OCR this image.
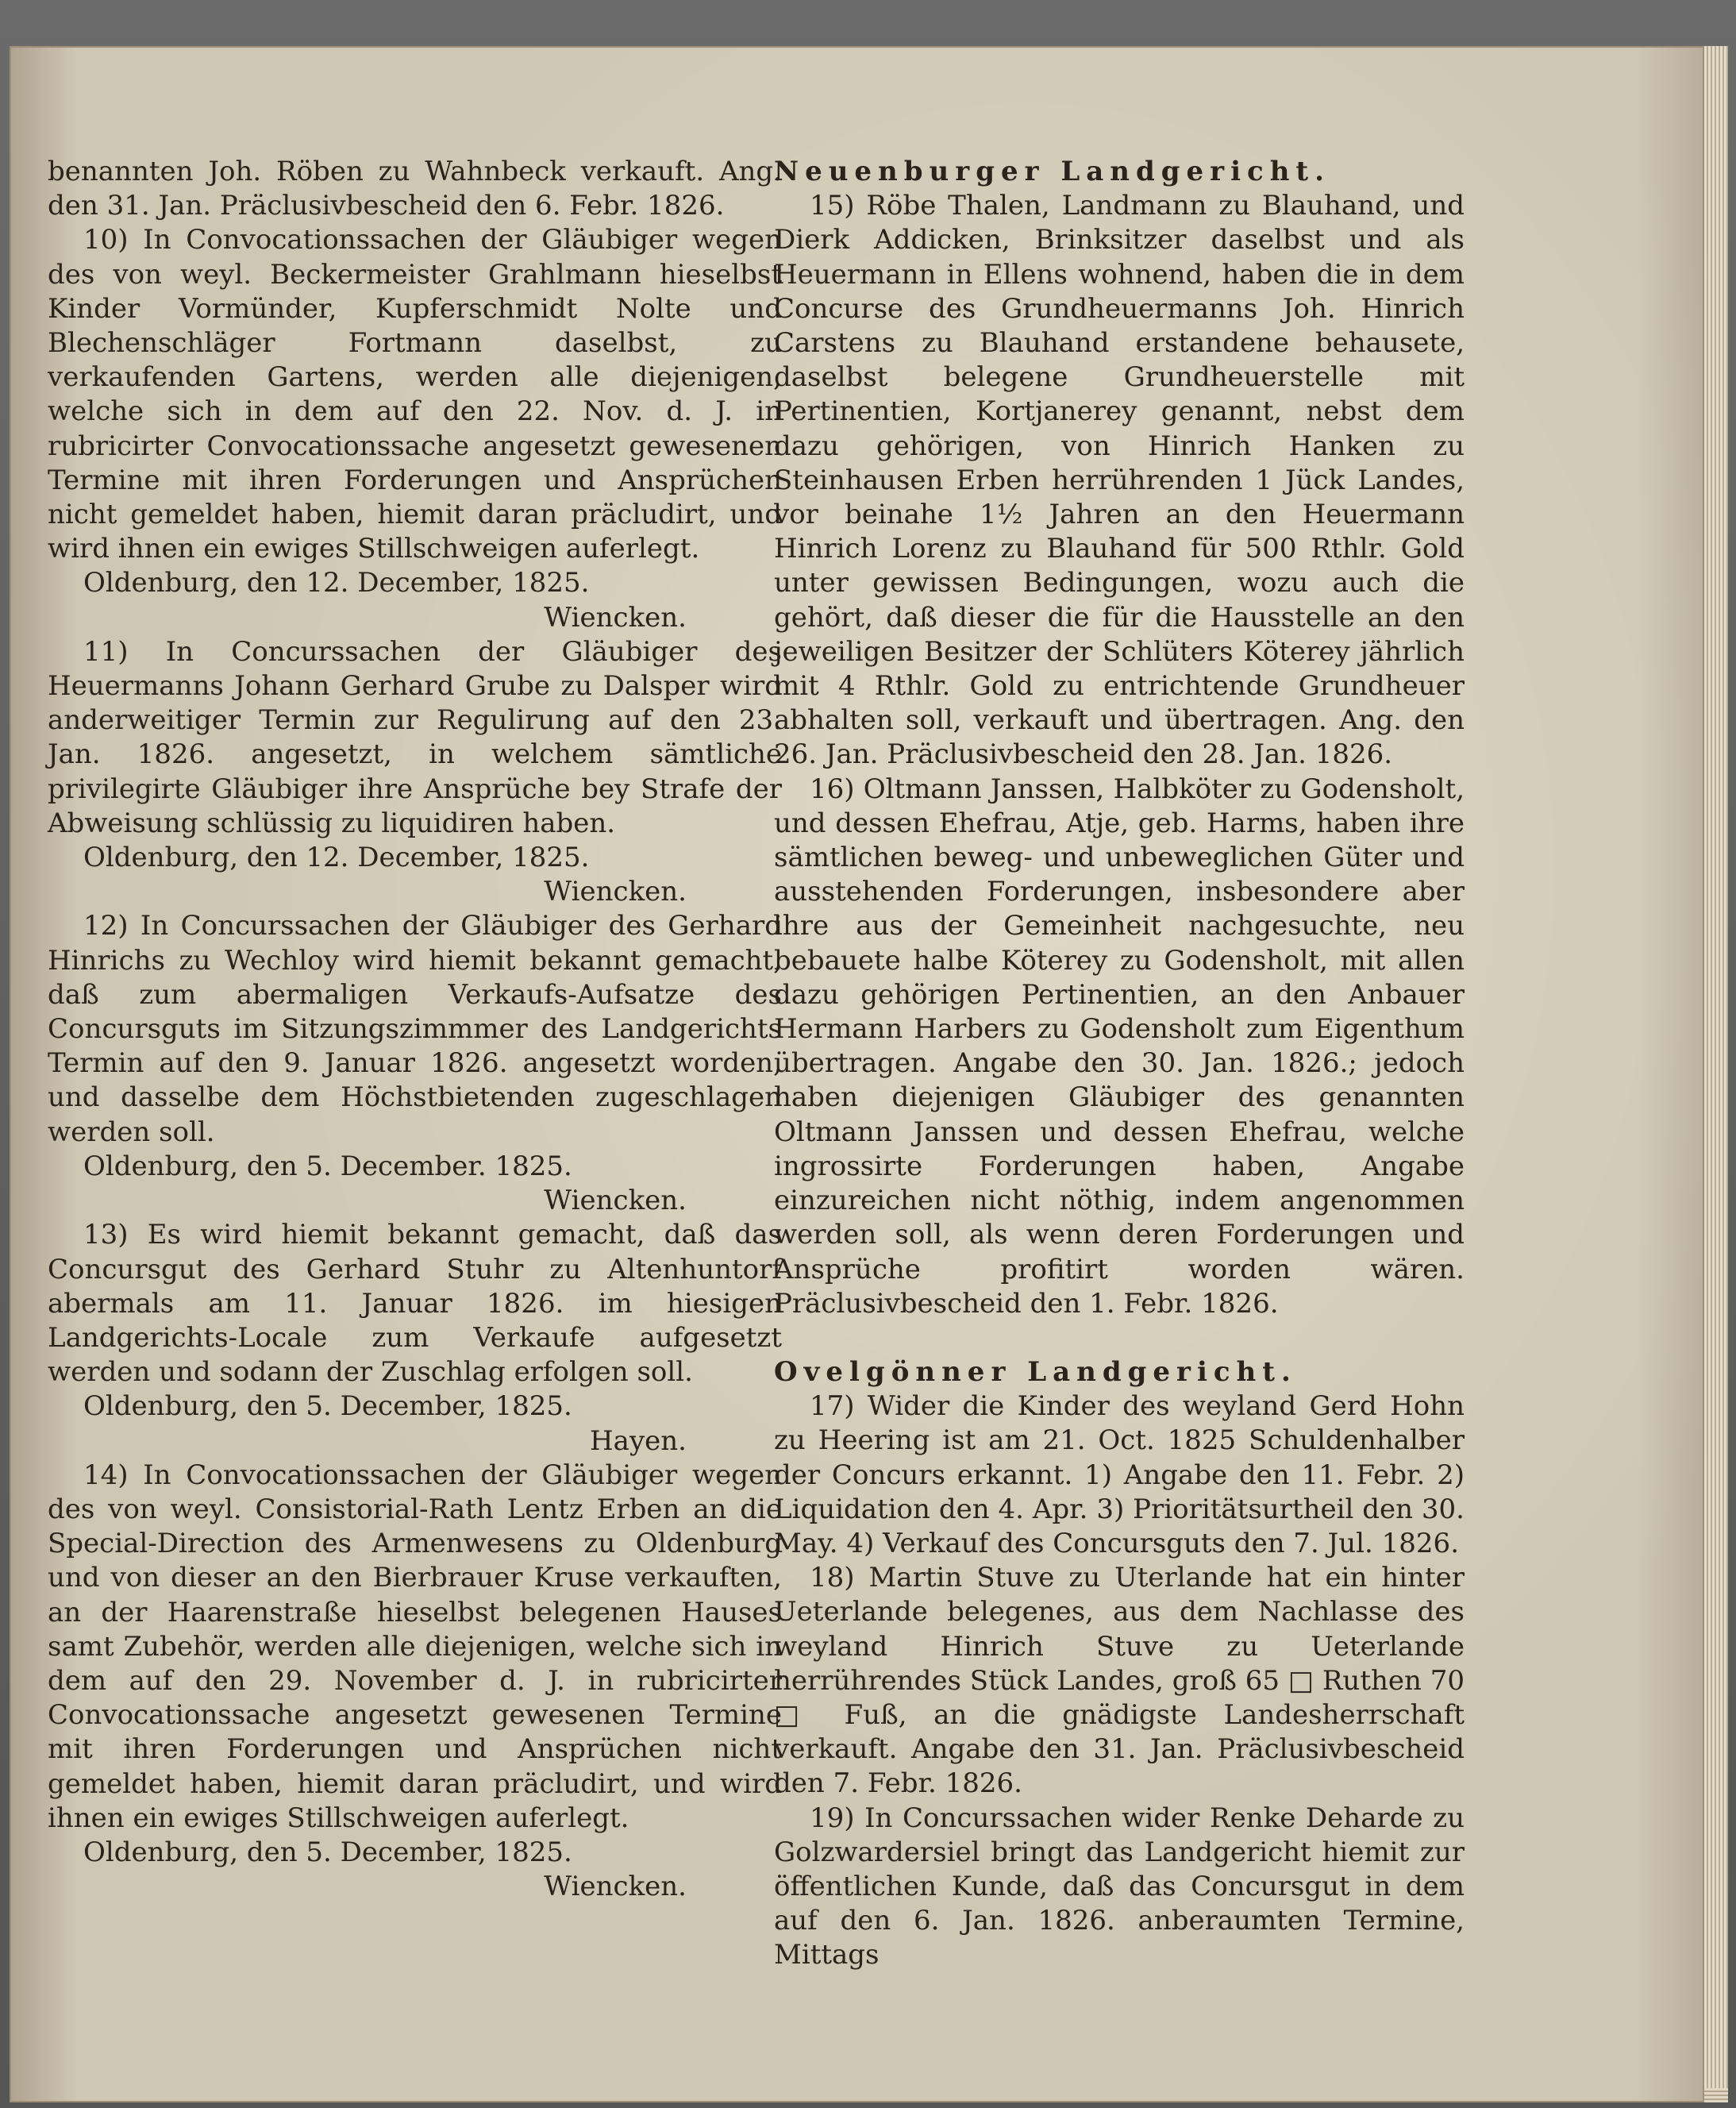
benannten Joh. Röben zu Wahnbeck verkauft. Ang. den 31. Jan. Präclusivbescheid den 6. Febr. 1826.

10) In Convocationssachen der Gläubiger wegen des von weyl. Beckermeister Grahlmann hieselbst Kinder Vormünder, Kupferschmidt Nolte und Blechenschläger Fortmann daselbst, zu verkaufenden Gartens, werden alle diejenigen, welche sich in dem auf den 22. Nov. d. J. in rubricirter Convocationssache angesetzt gewesenen Termine mit ihren Forderungen und Ansprüchen nicht gemeldet haben, hiemit daran präcludirt, und wird ihnen ein ewiges Stillschweigen auferlegt.

Oldenburg, den 12. December, 1825.

Wiencken.

11) In Concurssachen der Gläubiger des Heuermanns Johann Gerhard Grube zu Dalsper wird anderweitiger Termin zur Regulirung auf den 23. Jan. 1826. angesetzt, in welchem sämtliche privilegirte Gläubiger ihre Ansprüche bey Strafe der Abweisung schlüssig zu liquidiren haben.

Oldenburg, den 12. December, 1825.

Wiencken.

12) In Concurssachen der Gläubiger des Gerhard Hinrichs zu Wechloy wird hiemit bekannt gemacht, daß zum abermaligen Verkaufs-Aufsatze des Concursguts im Sitzungszimmmer des Landgerichts Termin auf den 9. Januar 1826. angesetzt worden, und dasselbe dem Höchstbietenden zugeschlagen werden soll.

Oldenburg, den 5. December. 1825.

Wiencken.

13) Es wird hiemit bekannt gemacht, daß das Concursgut des Gerhard Stuhr zu Altenhuntorf abermals am 11. Januar 1826. im hiesigen Landgerichts-Locale zum Verkaufe aufgesetzt werden und sodann der Zuschlag erfolgen soll.

Oldenburg, den 5. December, 1825.

Hayen.

14) In Convocationssachen der Gläubiger wegen des von weyl. Consistorial-Rath Lentz Erben an die Special-Direction des Armenwesens zu Oldenburg und von dieser an den Bierbrauer Kruse verkauften, an der Haarenstraße hieselbst belegenen Hauses samt Zubehör, werden alle diejenigen, welche sich in dem auf den 29. November d. J. in rubricirter Convocationssache angesetzt gewesenen Termine mit ihren Forderungen und Ansprüchen nicht gemeldet haben, hiemit daran präcludirt, und wird ihnen ein ewiges Stillschweigen auferlegt.

Oldenburg, den 5. December, 1825.

Wiencken.

Neuenburger Landgericht.

15) Röbe Thalen, Landmann zu Blauhand, und Dierk Addicken, Brinksitzer daselbst und als Heuermann in Ellens wohnend, haben die in dem Concurse des Grundheuermanns Joh. Hinrich Carstens zu Blauhand erstandene behausete, daselbst belegene Grundheuerstelle mit Pertinentien, Kortjanerey genannt, nebst dem dazu gehörigen, von Hinrich Hanken zu Steinhausen Erben herrührenden 1 Jück Landes, vor beinahe 1½ Jahren an den Heuermann Hinrich Lorenz zu Blauhand für 500 Rthlr. Gold unter gewissen Bedingungen, wozu auch die gehört, daß dieser die für die Hausstelle an den jeweiligen Besitzer der Schlüters Köterey jährlich mit 4 Rthlr. Gold zu entrichtende Grundheuer abhalten soll, verkauft und übertragen. Ang. den 26. Jan. Präclusivbescheid den 28. Jan. 1826.

16) Oltmann Janssen, Halbköter zu Godensholt, und dessen Ehefrau, Atje, geb. Harms, haben ihre sämtlichen beweg- und unbeweglichen Güter und ausstehenden Forderungen, insbesondere aber ihre aus der Gemeinheit nachgesuchte, neu bebauete halbe Köterey zu Godensholt, mit allen dazu gehörigen Pertinentien, an den Anbauer Hermann Harbers zu Godensholt zum Eigenthum übertragen. Angabe den 30. Jan. 1826.; jedoch haben diejenigen Gläubiger des genannten Oltmann Janssen und dessen Ehefrau, welche ingrossirte Forderungen haben, Angabe einzureichen nicht nöthig, indem angenommen werden soll, als wenn deren Forderungen und Ansprüche profitirt worden wären. Präclusivbescheid den 1. Febr. 1826.

Ovelgönner Landgericht.

17) Wider die Kinder des weyland Gerd Hohn zu Heering ist am 21. Oct. 1825 Schuldenhalber der Concurs erkannt. 1) Angabe den 11. Febr. 2) Liquidation den 4. Apr. 3) Prioritätsurtheil den 30. May. 4) Verkauf des Concursguts den 7. Jul. 1826.

18) Martin Stuve zu Uterlande hat ein hinter Ueterlande belegenes, aus dem Nachlasse des weyland Hinrich Stuve zu Ueterlande herrührendes Stück Landes, groß 65 □ Ruthen 70 □ Fuß, an die gnädigste Landesherrschaft verkauft. Angabe den 31. Jan. Präclusivbescheid den 7. Febr. 1826.

19) In Concurssachen wider Renke Deharde zu Golzwardersiel bringt das Landgericht hiemit zur öffentlichen Kunde, daß das Concursgut in dem auf den 6. Jan. 1826. anberaumten Termine, Mittags
